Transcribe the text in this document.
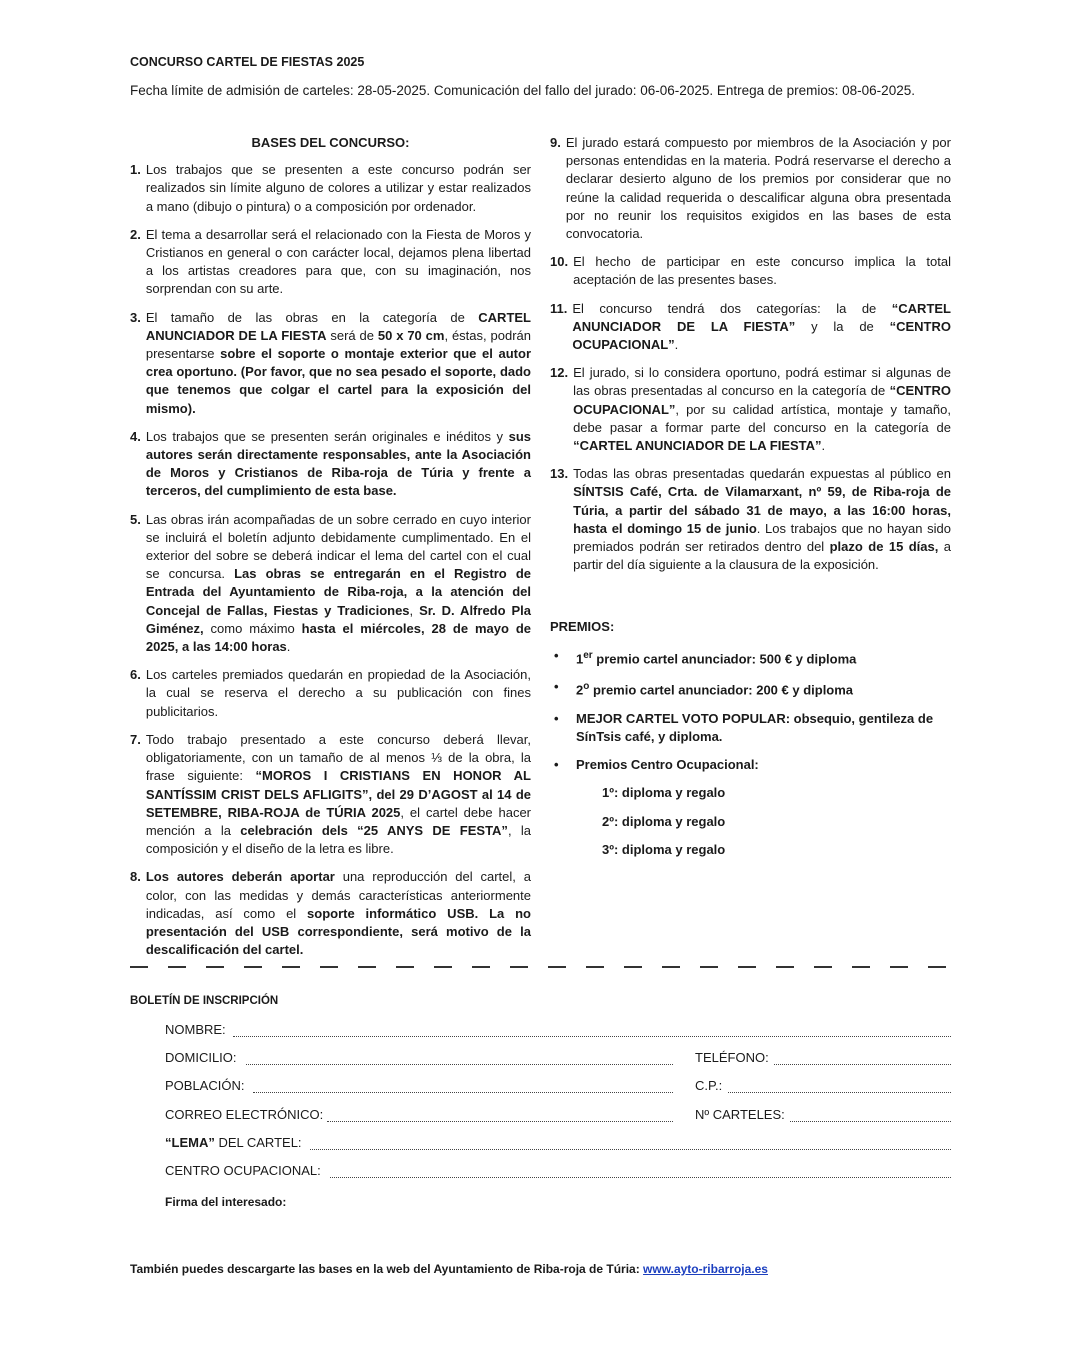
CONCURSO CARTEL DE FIESTAS 2025
Fecha límite de admisión de carteles: 28-05-2025. Comunicación del fallo del jurado: 06-06-2025. Entrega de premios: 08-06-2025.
BASES DEL CONCURSO:
1. Los trabajos que se presenten a este concurso podrán ser realizados sin límite alguno de colores a utilizar y estar realizados a mano (dibujo o pintura) o a composición por ordenador.
2. El tema a desarrollar será el relacionado con la Fiesta de Moros y Cristianos en general o con carácter local, dejamos plena libertad a los artistas creadores para que, con su imaginación, nos sorprendan con su arte.
3. El tamaño de las obras en la categoría de CARTEL ANUNCIADOR DE LA FIESTA será de 50 x 70 cm, éstas, podrán presentarse sobre el soporte o montaje exterior que el autor crea oportuno. (Por favor, que no sea pesado el soporte, dado que tenemos que colgar el cartel para la exposición del mismo).
4. Los trabajos que se presenten serán originales e inéditos y sus autores serán directamente responsables, ante la Asociación de Moros y Cristianos de Riba-roja de Túria y frente a terceros, del cumplimiento de esta base.
5. Las obras irán acompañadas de un sobre cerrado en cuyo interior se incluirá el boletín adjunto debidamente cumplimentado. En el exterior del sobre se deberá indicar el lema del cartel con el cual se concursa. Las obras se entregarán en el Registro de Entrada del Ayuntamiento de Riba-roja, a la atención del Concejal de Fallas, Fiestas y Tradiciones, Sr. D. Alfredo Pla Giménez, como máximo hasta el miércoles, 28 de mayo de 2025, a las 14:00 horas.
6. Los carteles premiados quedarán en propiedad de la Asociación, la cual se reserva el derecho a su publicación con fines publicitarios.
7. Todo trabajo presentado a este concurso deberá llevar, obligatoriamente, con un tamaño de al menos ⅓ de la obra, la frase siguiente: “MOROS I CRISTIANS EN HONOR AL SANTÍSSIM CRIST DELS AFLIGITS”, del 29 D’AGOST al 14 de SETEMBRE, RIBA-ROJA de TÚRIA 2025, el cartel debe hacer mención a la celebración dels “25 ANYS DE FESTA”, la composición y el diseño de la letra es libre.
8. Los autores deberán aportar una reproducción del cartel, a color, con las medidas y demás características anteriormente indicadas, así como el soporte informático USB. La no presentación del USB correspondiente, será motivo de la descalificación del cartel.
9. El jurado estará compuesto por miembros de la Asociación y por personas entendidas en la materia. Podrá reservarse el derecho a declarar desierto alguno de los premios por considerar que no reúne la calidad requerida o descalificar alguna obra presentada por no reunir los requisitos exigidos en las bases de esta convocatoria.
10. El hecho de participar en este concurso implica la total aceptación de las presentes bases.
11. El concurso tendrá dos categorías: la de “CARTEL ANUNCIADOR DE LA FIESTA” y la de “CENTRO OCUPACIONAL”.
12. El jurado, si lo considera oportuno, podrá estimar si algunas de las obras presentadas al concurso en la categoría de “CENTRO OCUPACIONAL”, por su calidad artística, montaje y tamaño, debe pasar a formar parte del concurso en la categoría de “CARTEL ANUNCIADOR DE LA FIESTA”.
13. Todas las obras presentadas quedarán expuestas al público en SÍNTSIS Café, Crta. de Vilamarxant, nº 59, de Riba-roja de Túria, a partir del sábado 31 de mayo, a las 16:00 horas, hasta el domingo 15 de junio. Los trabajos que no hayan sido premiados podrán ser retirados dentro del plazo de 15 días, a partir del día siguiente a la clausura de la exposición.
PREMIOS:
•	1er premio cartel anunciador: 500 € y diploma
•	2$^o$ premio cartel anunciador: 200 € y diploma
•	MEJOR CARTEL VOTO POPULAR: obsequio, gentileza de SínTsis café, y diploma.
•	Premios Centro Ocupacional:
1º: diploma y regalo
2º: diploma y regalo
3º: diploma y regalo
BOLETÍN DE INSCRIPCIÓN
NOMBRE:
DOMICILIO:	TELÉFONO:
POBLACIÓN:	C.P.:
CORREO ELECTRÓNICO:	Nº CARTELES:
“LEMA” DEL CARTEL:
CENTRO OCUPACIONAL:
Firma del interesado:
También puedes descargarte las bases en la web del Ayuntamiento de Riba-roja de Túria: www.ayto-ribarroja.es
